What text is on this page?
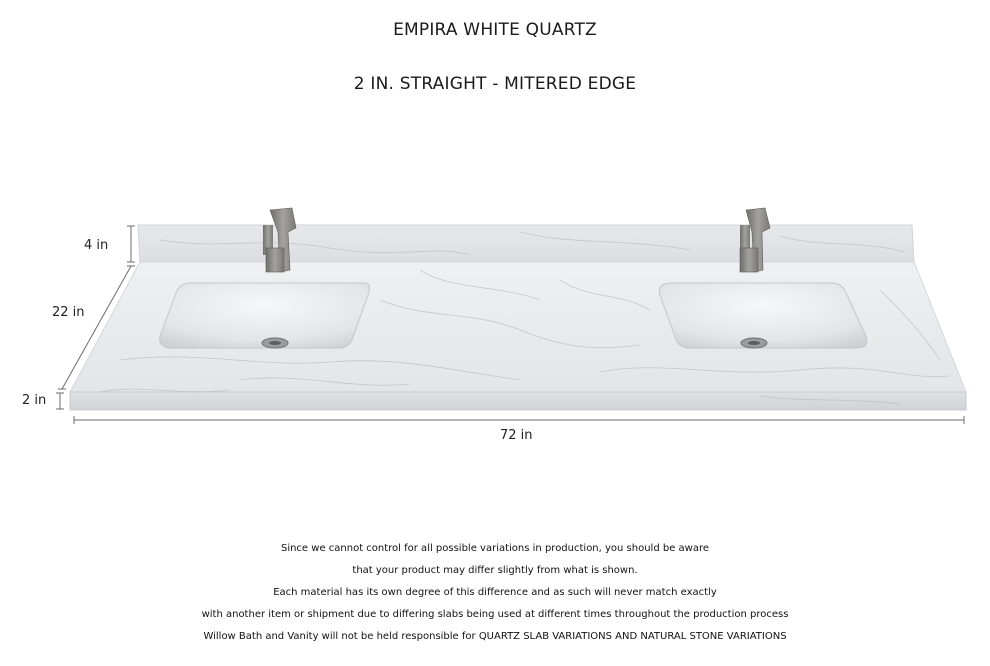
EMPIRA WHITE QUARTZ
2 IN. STRAIGHT - MITERED EDGE
4 in
22 in
2 in
72 in
Since we cannot control for all possible variations in production, you should be aware
that your product may differ slightly from what is shown.
Each material has its own degree of this difference and as such will never match exactly
with another item or shipment due to differing slabs being used at different times throughout the production process
Willow Bath and Vanity will not be held responsible for QUARTZ SLAB VARIATIONS AND NATURAL STONE VARIATIONS
